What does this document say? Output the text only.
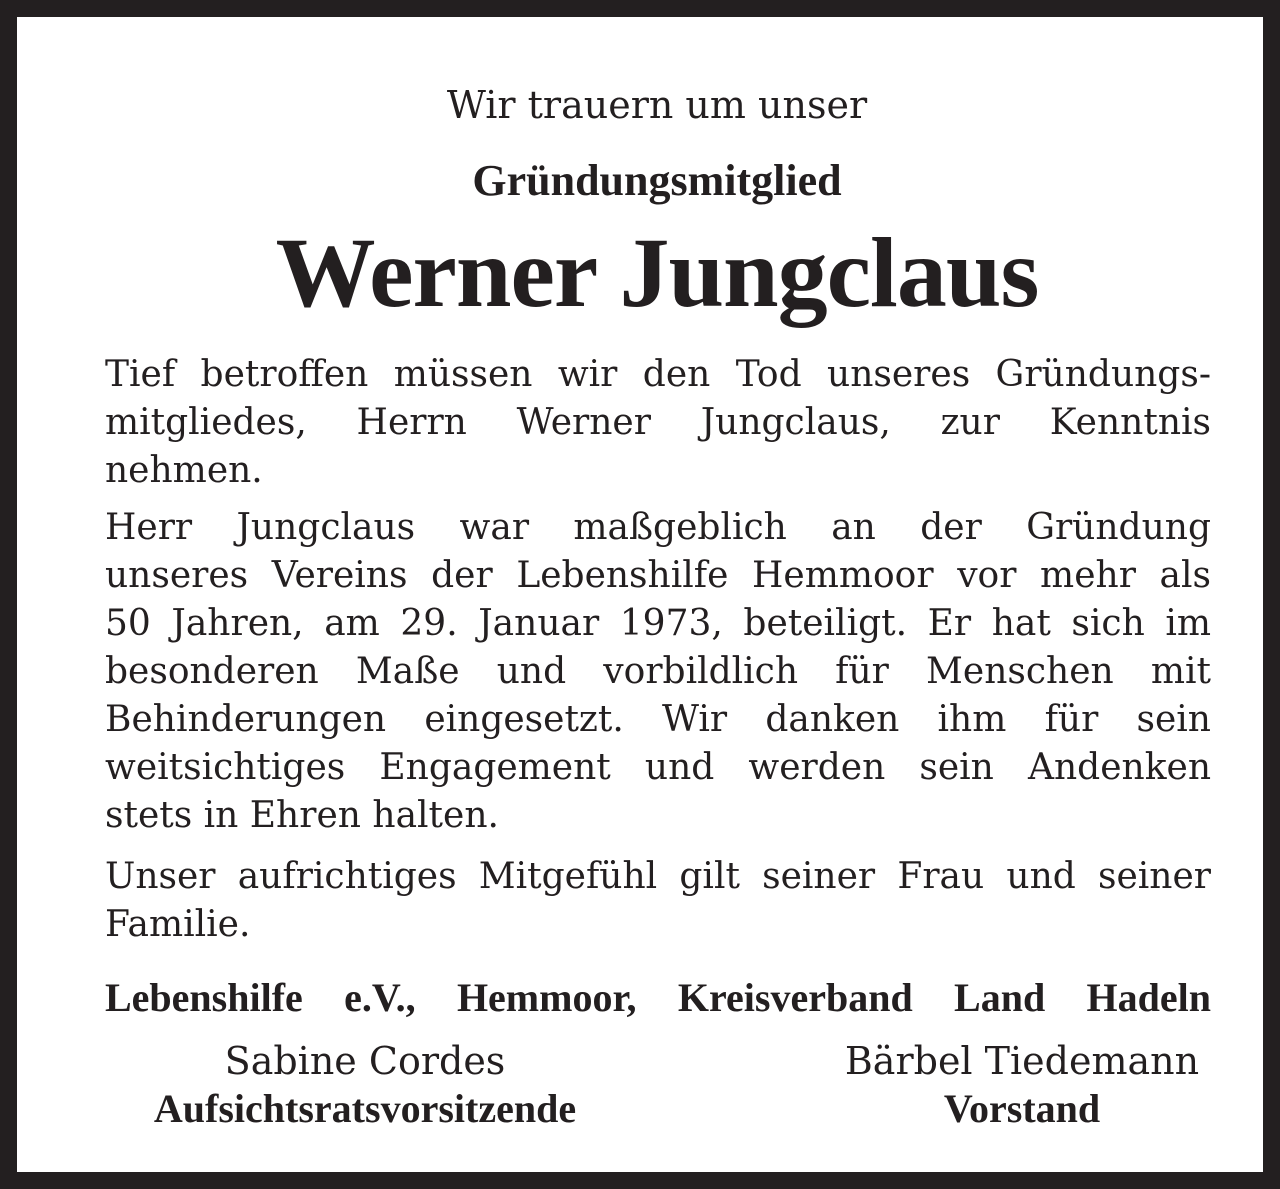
Wir trauern um unser
Gründungsmitglied
Werner Jungclaus
Tief betroffen müssen wir den Tod unseres Gründungs-
mitgliedes, Herrn Werner Jungclaus, zur Kenntnis
nehmen.
Herr Jungclaus war maßgeblich an der Gründung
unseres Vereins der Lebenshilfe Hemmoor vor mehr als
50 Jahren, am 29. Januar 1973, beteiligt. Er hat sich im
besonderen Maße und vorbildlich für Menschen mit
Behinderungen eingesetzt. Wir danken ihm für sein
weitsichtiges Engagement und werden sein Andenken
stets in Ehren halten.
Unser aufrichtiges Mitgefühl gilt seiner Frau und seiner
Familie.
Lebenshilfe e.V., Hemmoor, Kreisverband Land Hadeln
Sabine Cordes
Aufsichtsratsvorsitzende
Bärbel Tiedemann
Vorstand
